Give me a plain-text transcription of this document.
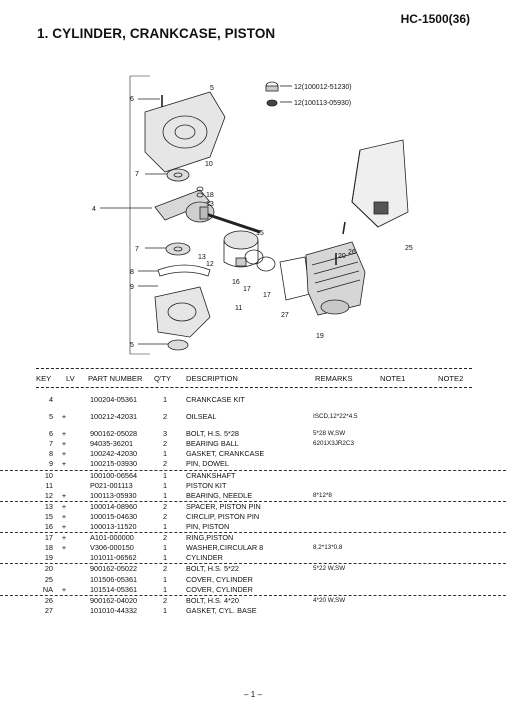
HC-1500(36)
1. CYLINDER, CRANKCASE, PISTON
6
5
10
7
4
7
8
9
5
18
13
15
13
12
16
17
17
11
27
19
20
26
25
12(100012-51230)
12(100113-05930)
KEY LV PART NUMBER Q'TY DESCRIPTION	REMARKS	NOTE1	NOTE2
4	100204-05361	1	CRANKCASE KIT
5	+	100212-42031	2	OILSEAL	ISCD,12*22*4.5
6	+	900162-05028	3	BOLT, H.S. 5*28	5*28 W,SW
7	+	94035-36201	2	BEARING BALL	6201X3JR2C3
8	+	100242-42030	1	GASKET, CRANKCASE
9	+	100215-03930	2	PIN, DOWEL
10	100100-06564	1	CRANKSHAFT
11	P021-001113	1	PISTON KIT
12	+	100113-05930	1	BEARING, NEEDLE	8*12*8
13	+	100014-08960	2	SPACER, PISTON PIN
15	+	100015-04630	2	CIRCLIP, PISTON PIN
16	+	100013-11520	1	PIN, PISTON
17	+	A101-000000	2	RING,PISTON
18	+	V306-000150	1	WASHER,CIRCULAR 8	8.2*13*0.8
19	101011-06562	1	CYLINDER
20	900162-05022	2	BOLT, H.S. 5*22	5*22 W,SW
25	101506-05361	1	COVER, CYLINDER
NA	+	101514-05361	1	COVER, CYLINDER
26	900162-04020	2	BOLT, H.S. 4*20	4*20 W,SW
27	101010-44332	1	GASKET, CYL. BASE
– 1 –
